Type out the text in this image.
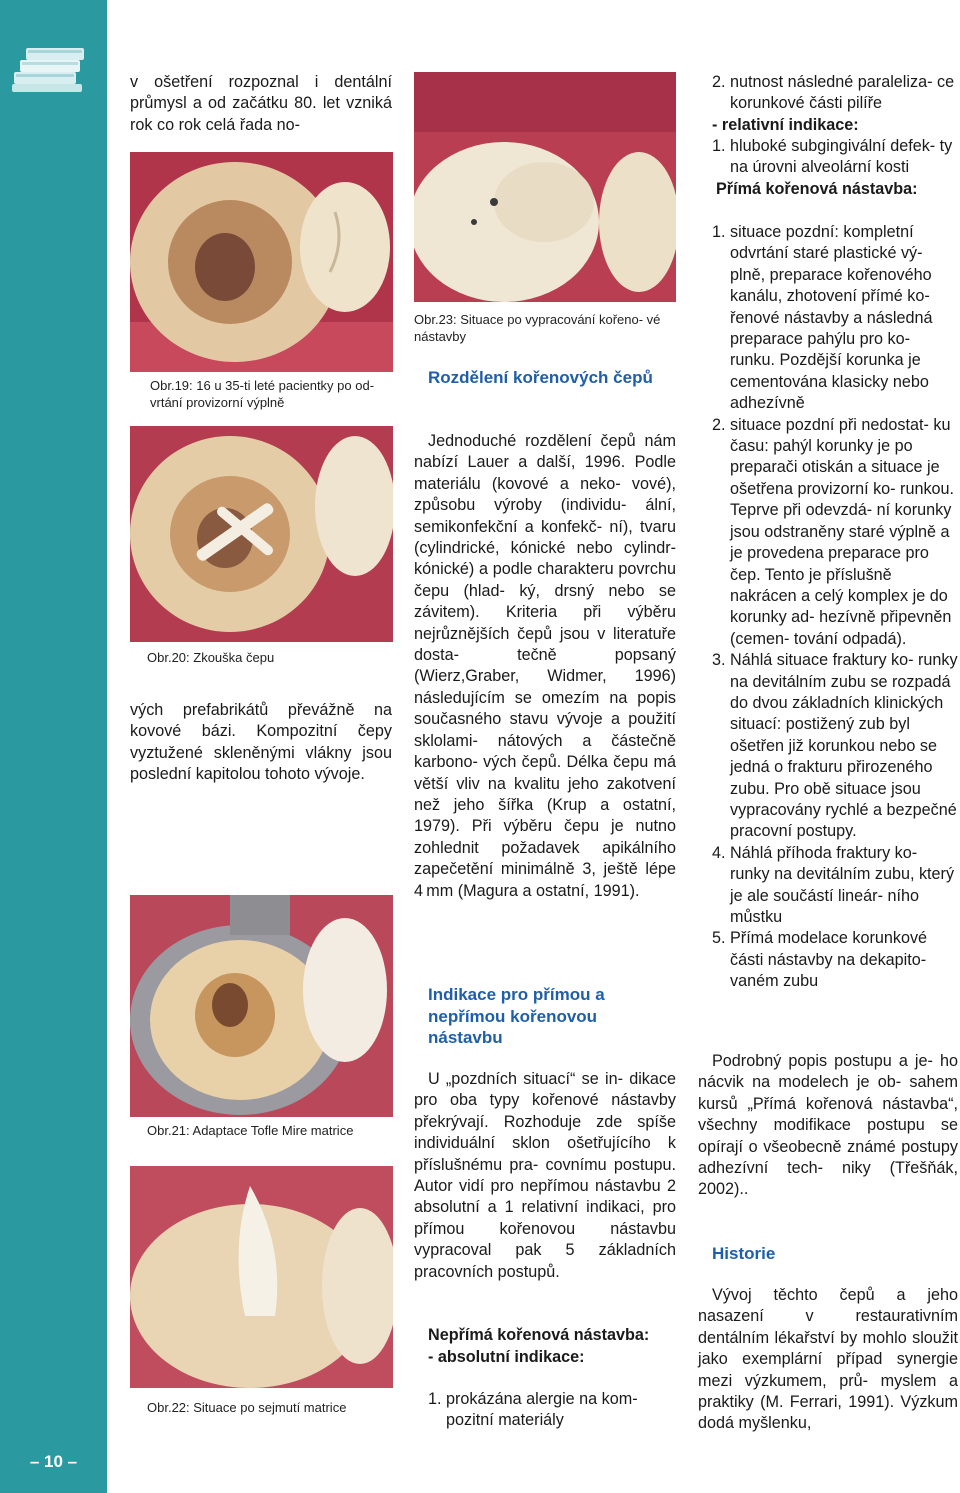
– 10 –
v ošetření rozpoznal i dentální průmysl a od začátku 80. let vzniká rok co rok celá řada no-
Obr.19: 16 u 35-ti leté pacientky po od- vrtání provizorní výplně
Obr.20: Zkouška čepu
vých prefabrikátů převážně na kovové bázi. Kompozitní čepy vyztužené skleněnými vlákny jsou poslední kapitolou tohoto vývoje.
Obr.21: Adaptace Tofle Mire matrice
Obr.22: Situace po sejmutí matrice
Obr.23: Situace po vypracování kořeno- vé nástavby
Rozdělení kořenových čepů
Jednoduché rozdělení čepů nám nabízí Lauer a další, 1996. Podle materiálu (kovové a neko- vové), způsobu výroby (individu- ální, semikonfekční a konfekč- ní), tvaru (cylindrické, kónické nebo cylindr-kónické) a podle charakteru povrchu čepu (hlad- ký, drsný nebo se závitem). Kriteria při výběru nejrůznějších čepů jsou v literatuře dosta- tečně popsaný (Wierz,Graber, Widmer, 1996) následujícím se omezím na popis současného stavu vývoje a použití sklolami- nátových a částečně karbono- vých čepů. Délka čepu má větší vliv na kvalitu jeho zakotvení než jeho šířka (Krup a ostatní, 1979). Při výběru čepu je nutno zohlednit požadavek apikálního zapečetění minimálně 3, ještě lépe 4 mm (Magura a ostatní, 1991).
Indikace pro přímou a nepřímou kořenovou nástavbu
U „pozdních situací“ se in- dikace pro oba typy kořenové nástavby překrývají. Rozhoduje zde spíše individuální sklon ošetřujícího k příslušnému pra- covnímu postupu. Autor vidí pro nepřímou nástavbu 2 absolutní a 1 relativní indikaci, pro přímou kořenovou nástavbu vypracoval pak 5 základních pracovních postupů.
Nepřímá kořenová nástavba:
- absolutní indikace:
1. prokázána alergie na kom- pozitní materiály
2. nutnost následné paraleliza- ce korunkové části pilíře
- relativní indikace:
1. hluboké subgingivální defek- ty na úrovni alveolární kosti
Přímá kořenová nástavba:
1. situace pozdní: kompletní odvrtání staré plastické vý- plně, preparace kořenového kanálu, zhotovení přímé ko- řenové nástavby a následná preparace pahýlu pro ko- runku. Pozdější korunka je cementována klasicky nebo adhezívně
2. situace pozdní při nedostat- ku času: pahýl korunky je po preparači otiskán a situace je ošetřena provizorní ko- runkou. Teprve při odevzdá- ní korunky jsou odstraněny staré výplně a je provedena preparace pro čep. Tento je příslušně nakrácen a celý komplex je do korunky ad- hezívně připevněn (cemen- tování odpadá).
3. Náhlá situace fraktury ko- runky na devitálním zubu se rozpadá do dvou základních klinických situací: postižený zub byl ošetřen již korunkou nebo se jedná o frakturu přirozeného zubu. Pro obě situace jsou vypracovány rychlé a bezpečné pracovní postupy.
4. Náhlá příhoda fraktury ko- runky na devitálním zubu, který je ale součástí lineár- ního můstku
5. Přímá modelace korunkové části nástavby na dekapito- vaném zubu
Podrobný popis postupu a je- ho nácvik na modelech je ob- sahem kursů „Přímá kořenová nástavba“, všechny modifikace postupu se opírají o všeobecně známé postupy adhezívní tech- niky (Třešňák, 2002)..
Historie
Vývoj těchto čepů a jeho nasazení v restaurativním dentálním lékařství by mohlo sloužit jako exemplární případ synergie mezi výzkumem, prů- myslem a praktiky (M. Ferrari, 1991). Výzkum dodá myšlenku,
